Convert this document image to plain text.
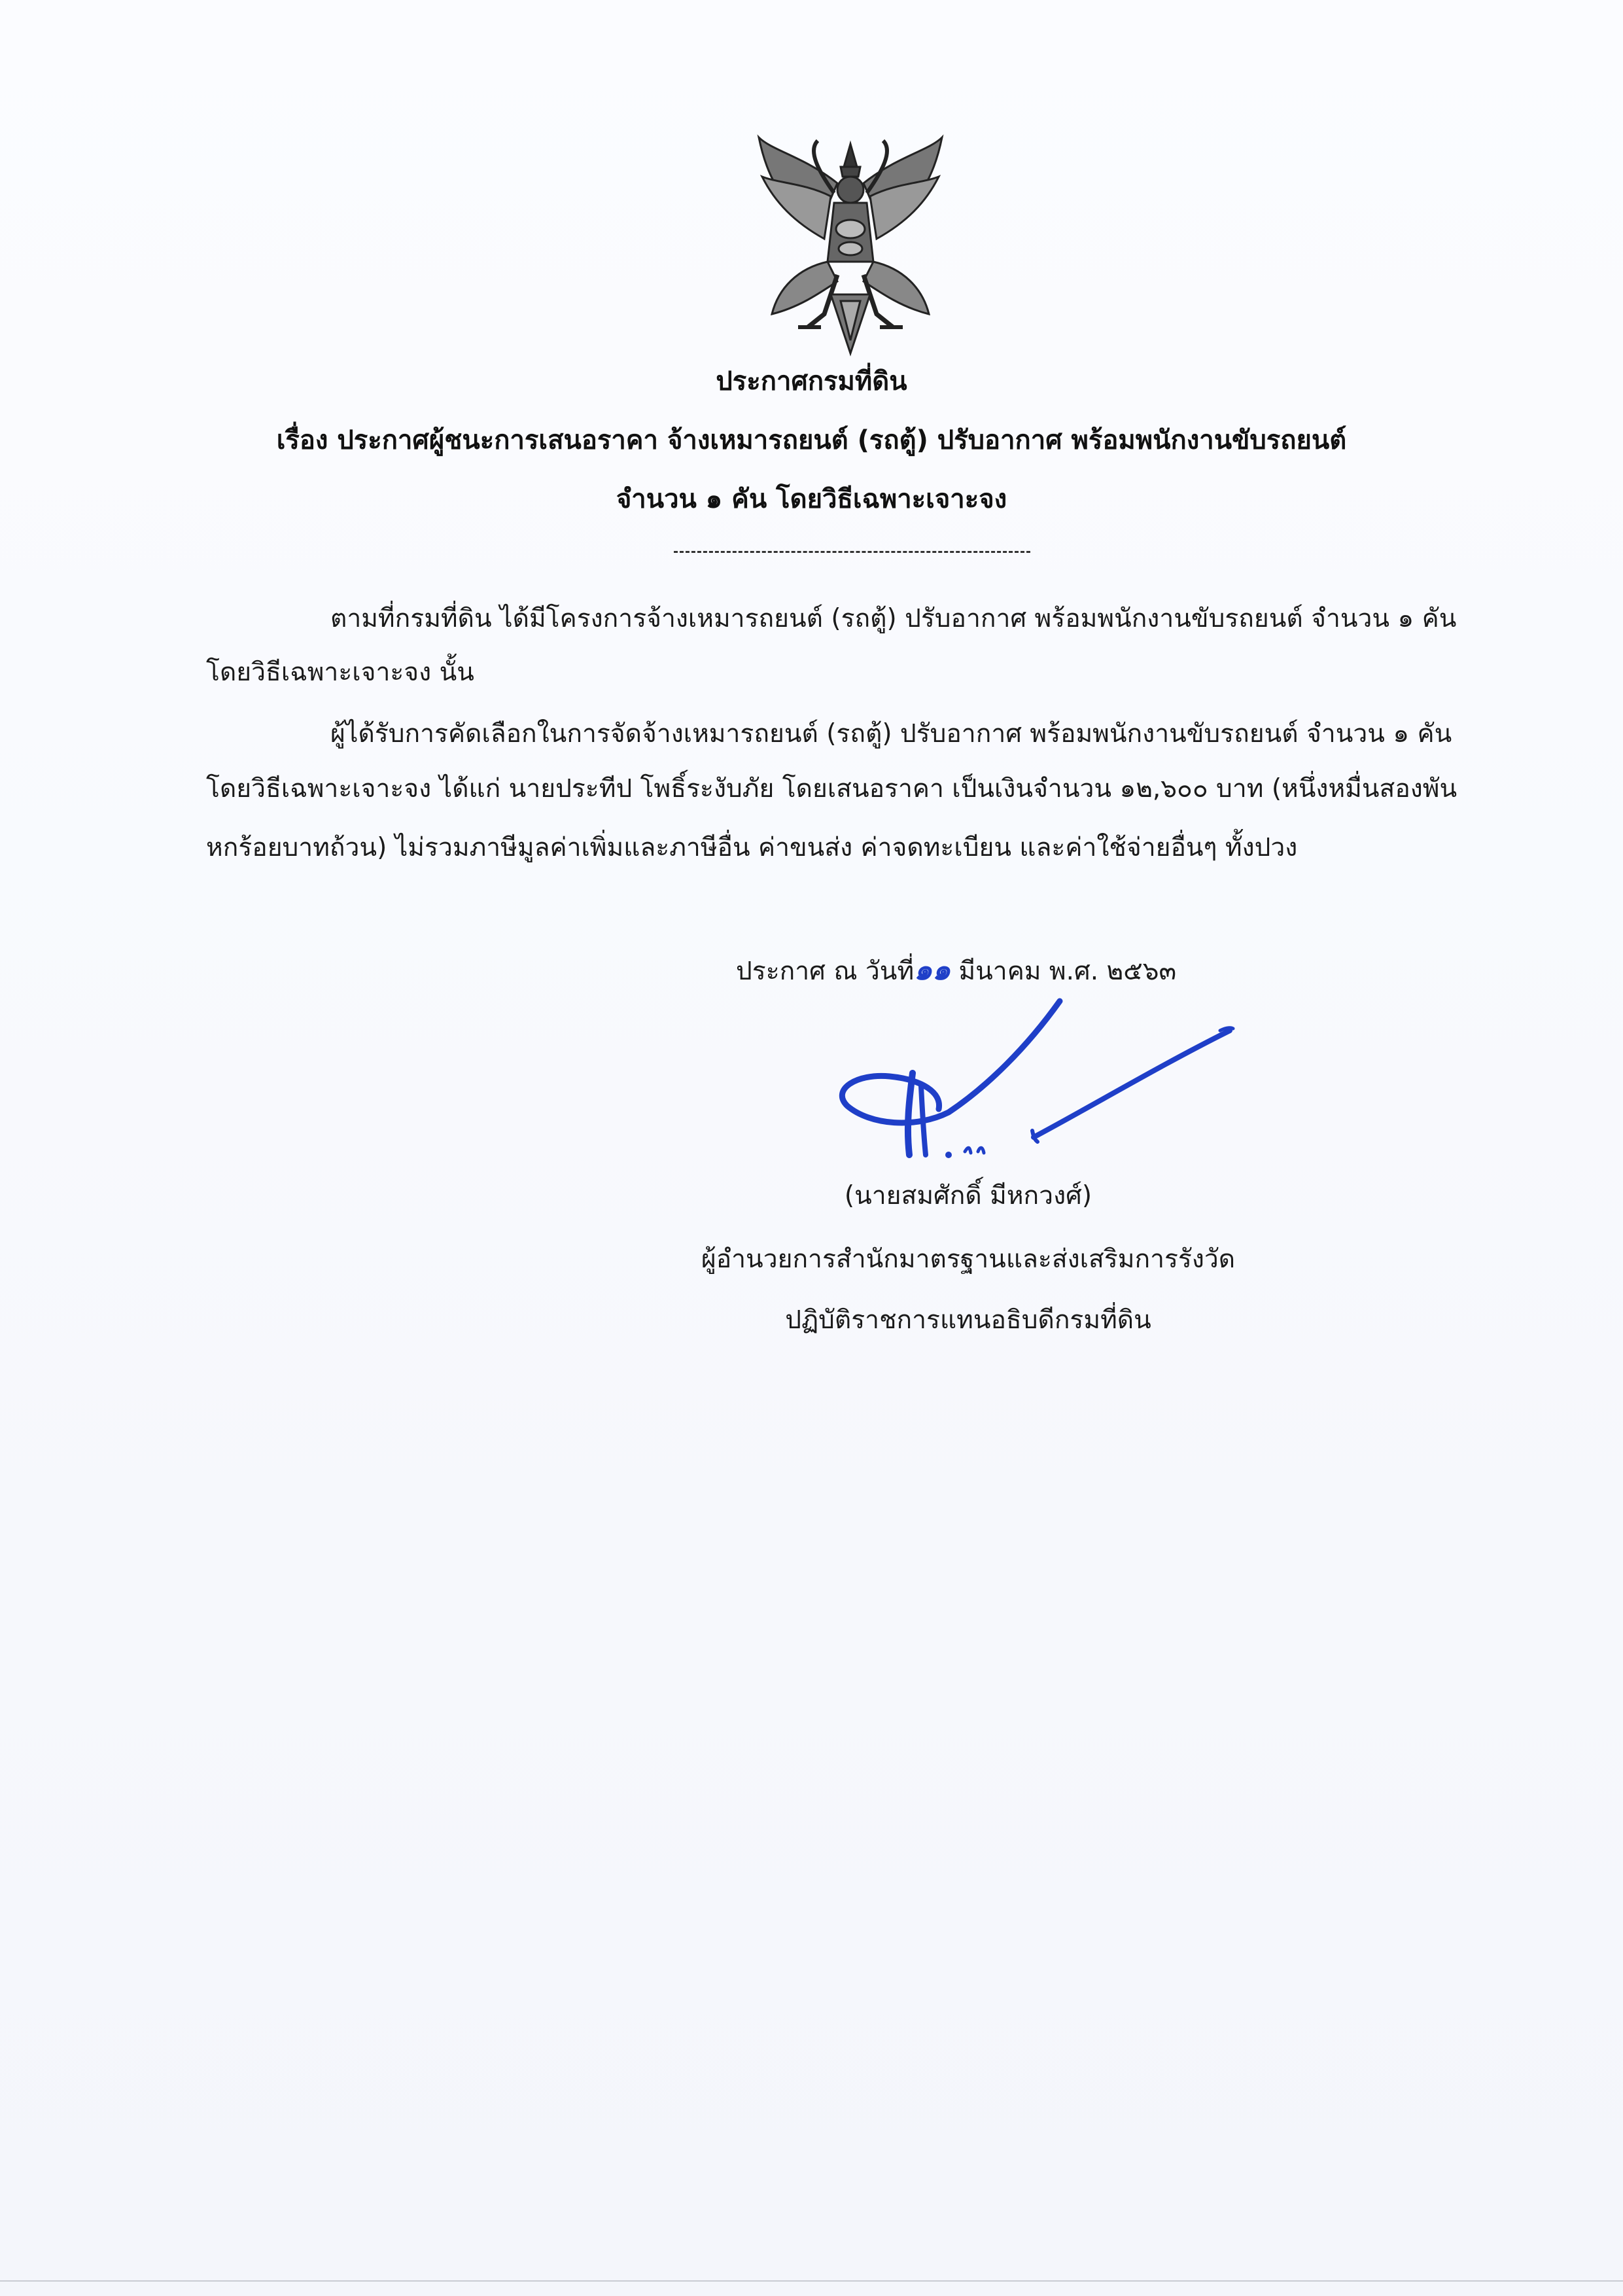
ประกาศกรมที่ดิน
เรื่อง ประกาศผู้ชนะการเสนอราคา จ้างเหมารถยนต์ (รถตู้) ปรับอากาศ พร้อมพนักงานขับรถยนต์
จำนวน ๑ คัน โดยวิธีเฉพาะเจาะจง
ตามที่กรมที่ดิน ได้มีโครงการจ้างเหมารถยนต์ (รถตู้) ปรับอากาศ พร้อมพนักงานขับรถยนต์ จำนวน ๑ คัน
โดยวิธีเฉพาะเจาะจง นั้น
ผู้ได้รับการคัดเลือกในการจัดจ้างเหมารถยนต์ (รถตู้) ปรับอากาศ พร้อมพนักงานขับรถยนต์ จำนวน ๑ คัน
โดยวิธีเฉพาะเจาะจง ได้แก่ นายประทีป โพธิ์ระงับภัย โดยเสนอราคา เป็นเงินจำนวน ๑๒,๖๐๐ บาท (หนึ่งหมื่นสองพัน
หกร้อยบาทถ้วน) ไม่รวมภาษีมูลค่าเพิ่มและภาษีอื่น ค่าขนส่ง ค่าจดทะเบียน และค่าใช้จ่ายอื่นๆ ทั้งปวง
ประกาศ ณ วันที่๑๑ มีนาคม พ.ศ. ๒๕๖๓
(นายสมศักดิ์ มีหกวงศ์)
ผู้อำนวยการสำนักมาตรฐานและส่งเสริมการรังวัด
ปฏิบัติราชการแทนอธิบดีกรมที่ดิน
